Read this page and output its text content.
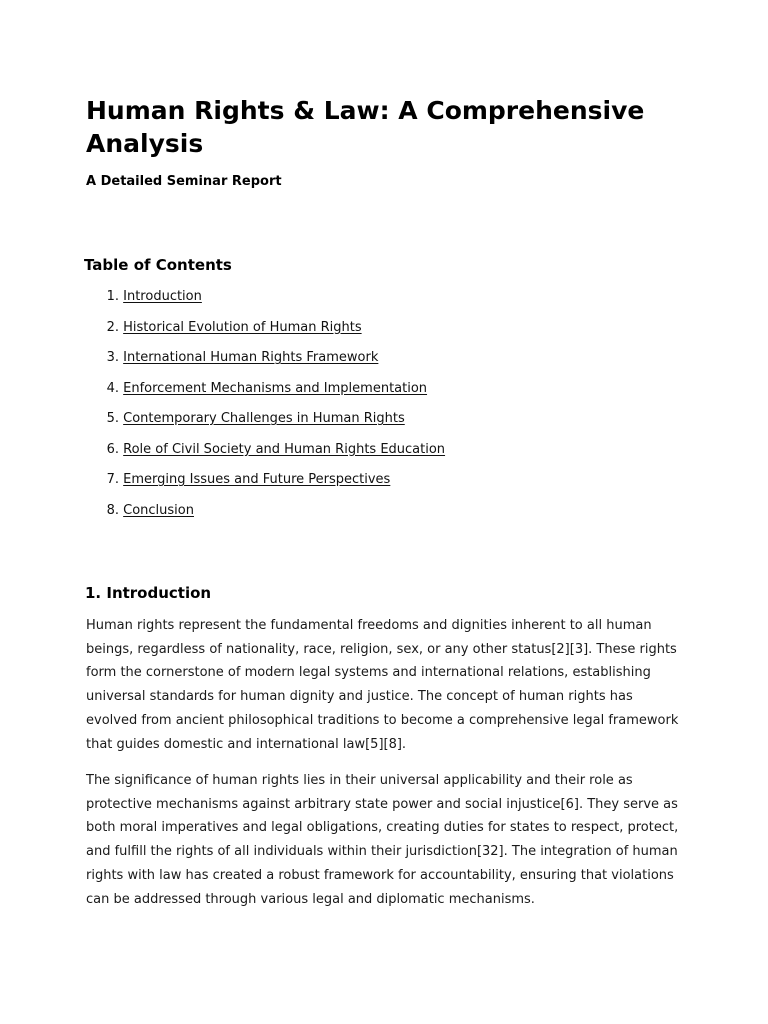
Human Rights & Law: A Comprehensive Analysis
A Detailed Seminar Report
Table of Contents
1. Introduction
2. Historical Evolution of Human Rights
3. International Human Rights Framework
4. Enforcement Mechanisms and Implementation
5. Contemporary Challenges in Human Rights
6. Role of Civil Society and Human Rights Education
7. Emerging Issues and Future Perspectives
8. Conclusion
1. Introduction

Human rights represent the fundamental freedoms and dignities inherent to all human beings, regardless of nationality, race, religion, sex, or any other status[2][3]. These rights form the cornerstone of modern legal systems and international relations, establishing universal standards for human dignity and justice. The concept of human rights has evolved from ancient philosophical traditions to become a comprehensive legal framework that guides domestic and international law[5][8].

The significance of human rights lies in their universal applicability and their role as protective mechanisms against arbitrary state power and social injustice[6]. They serve as both moral imperatives and legal obligations, creating duties for states to respect, protect, and fulfill the rights of all individuals within their jurisdiction[32]. The integration of human rights with law has created a robust framework for accountability, ensuring that violations can be addressed through various legal and diplomatic mechanisms.
